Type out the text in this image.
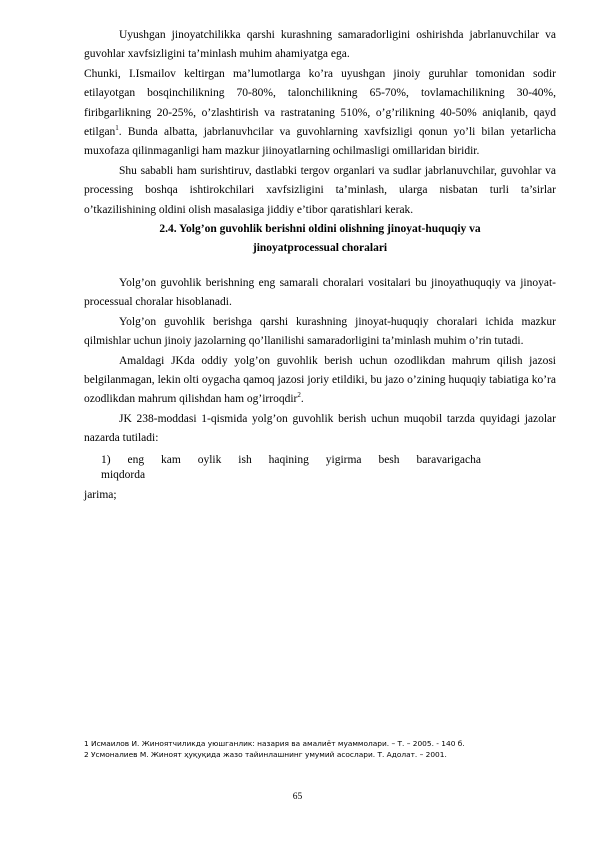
Uyushgan jinoyatchilikka qarshi kurashning samaradorligini oshirishda jabrlanuvchilar va guvohlar xavfsizligini ta’minlash muhim ahamiyatga ega.

Chunki, I.Ismailov keltirgan ma’lumotlarga ko’ra uyushgan jinoiy guruhlar tomonidan sodir etilayotgan bosqinchilikning 70-80%, talonchilikning 65-70%, tovlamachilikning 30-40%, firibgarlikning 20-25%, o’zlashtirish va rastrataning 510%, o’g’rilikning 40-50% aniqlanib, qayd etilgan$^1$. Bunda albatta, jabrlanuvhcilar va guvohlarning xavfsizligi qonun yo’li bilan yetarlicha muxofaza qilinmaganligi ham mazkur jiinoyatlarning ochilmasligi omillaridan biridir.

Shu sababli ham surishtiruv, dastlabki tergov organlari va sudlar jabrlanuvchilar, guvohlar va processing boshqa ishtirokchilari xavfsizligini ta’minlash, ularga nisbatan turli ta’sirlar o’tkazilishining oldini olish masalasiga jiddiy e’tibor qaratishlari kerak.

2.4. Yolg’on guvohlik berishni oldini olishning jinoyat-huquqiy va
jinoyatprocessual choralari

Yolg’on guvohlik berishning eng samarali choralari vositalari bu jinoyathuquqiy va jinoyat-processual choralar hisoblanadi.

Yolg’on guvohlik berishga qarshi kurashning jinoyat-huquqiy choralari ichida mazkur qilmishlar uchun jinoiy jazolarning qo’llanilishi samaradorligini ta’minlash muhim o’rin tutadi.

Amaldagi JKda oddiy yolg’on guvohlik berish uchun ozodlikdan mahrum qilish jazosi belgilanmagan, lekin olti oygacha qamoq jazosi joriy etildiki, bu jazo o’zining huquqiy tabiatiga ko’ra ozodlikdan mahrum qilishdan ham og’irroqdir$^2$.

JK 238-moddasi 1-qismida yolg’on guvohlik berish uchun muqobil tarzda quyidagi jazolar nazarda tutiladi:

1) eng kam oylik ish haqining yigirma besh baravarigacha
miqdorda
jarima;
1 Исмаилов И. Жиноятчиликда уюшганлик: назария ва амалиёт муаммолари. – Т. – 2005. - 140 б.
2 Усмоналиев М. Жиноят ҳуқуқида жазо тайинлашнинг умумий асослари. Т. Адолат. – 2001.
65
